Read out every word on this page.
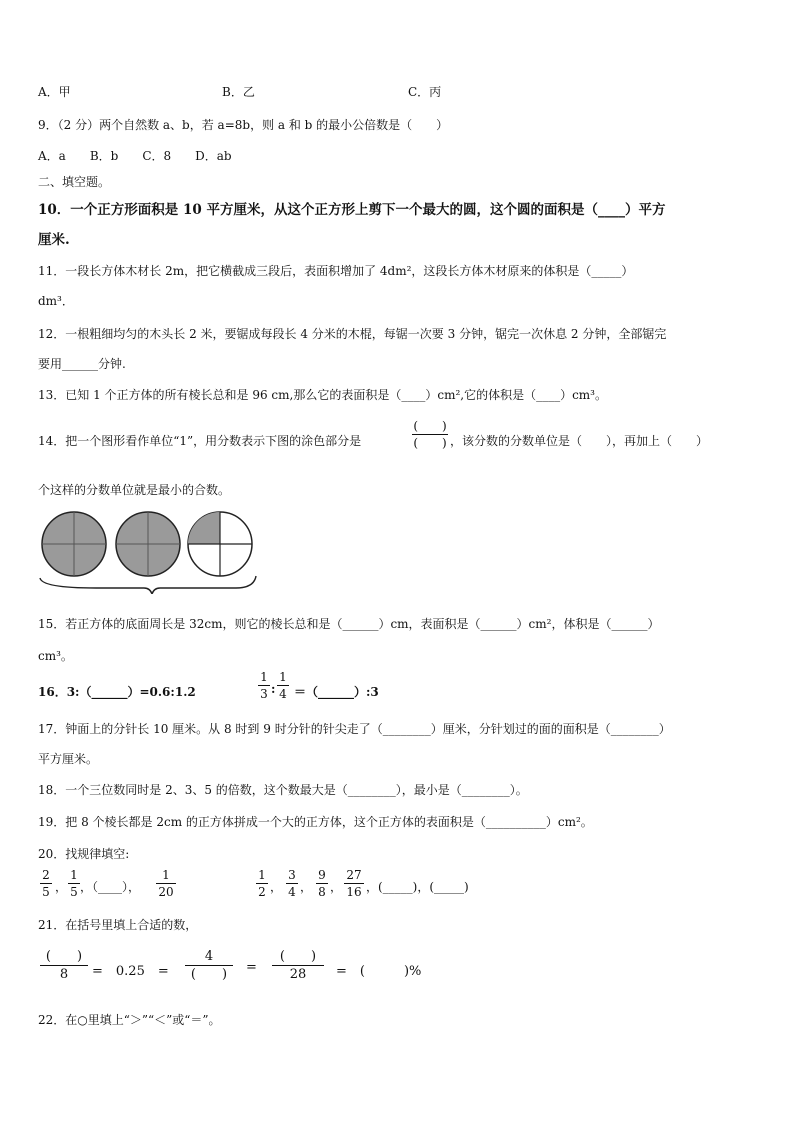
A．甲	B．乙	C．丙
9．（2 分）两个自然数 a、b，若 a=8b，则 a 和 b 的最小公倍数是（　　）
A．a　　B．b　　C．8　　D．ab
二、填空题。
10．一个正方形面积是 10 平方厘米，从这个正方形上剪下一个最大的圆，这个圆的面积是（____）平方
厘米.
11．一段长方体木材长 2m，把它横截成三段后，表面积增加了 4dm²，这段长方体木材原来的体积是（_____）
dm³．
12．一根粗细均匀的木头长 2 米，要锯成每段长 4 分米的木棍，每锯一次要 3 分钟，锯完一次休息 2 分钟，全部锯完
要用______分钟.
13．已知 1 个正方体的所有棱长总和是 96 cm,那么它的表面积是（____）cm²,它的体积是（____）cm³。
14．把一个图形看作单位“1”，用分数表示下图的涂色部分是
(　　)
(　　) ，该分数的分数单位是（　　），再加上（　　）
个这样的分数单位就是最小的合数。
15．若正方体的底面周长是 32cm，则它的棱长总和是（______）cm，表面积是（______）cm²，体积是（______）
cm³。
16．3:（______）=0.6:1.2
1
3 :
1
4 ＝（______）:3
17．钟面上的分针长 10 厘米。从 8 时到 9 时分针的针尖走了（________）厘米，分针划过的面的面积是（________）
平方厘米。
18．一个三位数同时是 2、3、5 的倍数，这个数最大是（________），最小是（________）。
19．把 8 个棱长都是 2cm 的正方体拼成一个大的正方体，这个正方体的表面积是（__________）cm²。
20．找规律填空:
2
5 ，
1
5 ，（____），
1
20
1
2 ，
3
4 ，
9
8 ，
27
16 ，(_____)，(_____)
21．在括号里填上合适的数，
(　　)
8	=　0.25　=
4
(　　)	=
(　　)
28	=　(　　　)%
22．在○里填上“＞”“＜”或“＝”。
